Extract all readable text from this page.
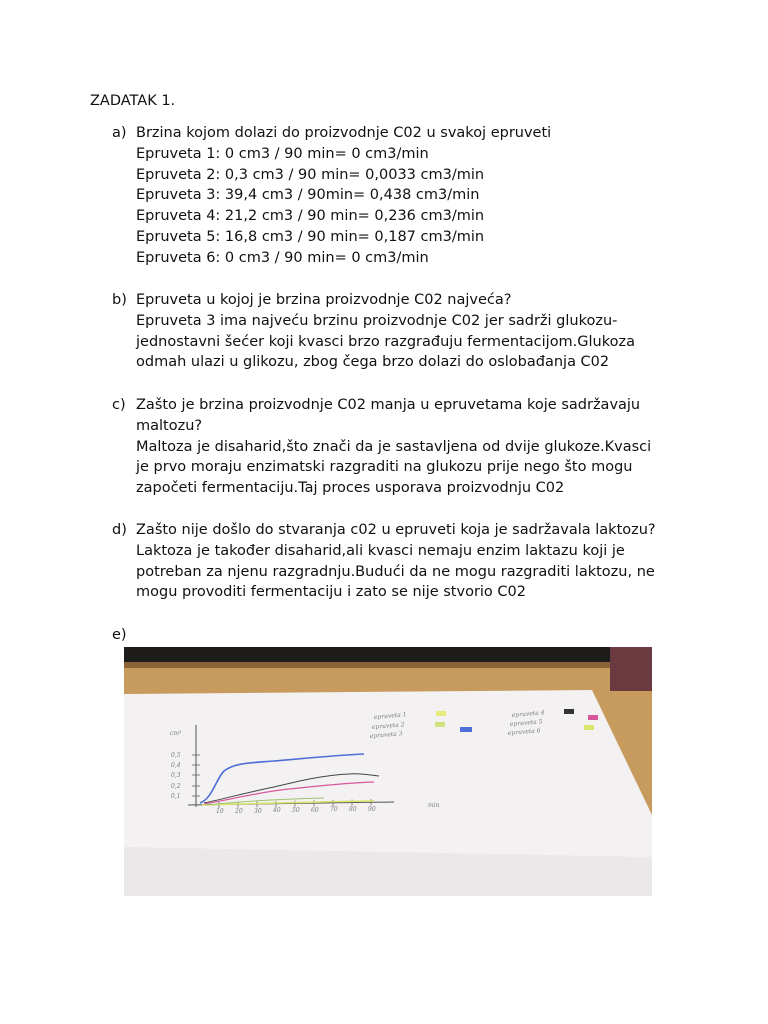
ZADATAK 1.
a) Brzina kojom dolazi do proizvodnje C02 u svakoj epruveti
Epruveta 1: 0 cm3 / 90 min= 0 cm3/min
Epruveta 2: 0,3 cm3 / 90 min= 0,0033 cm3/min
Epruveta 3: 39,4 cm3 / 90min= 0,438 cm3/min
Epruveta 4: 21,2 cm3 / 90 min= 0,236 cm3/min
Epruveta 5: 16,8 cm3 / 90 min= 0,187 cm3/min
Epruveta 6: 0 cm3 / 90 min= 0 cm3/min
b) Epruveta u kojoj je brzina proizvodnje C02 najveća?
Epruveta 3 ima najveću brzinu proizvodnje C02 jer sadrži glukozu-
jednostavni šećer koji kvasci brzo razgrađuju fermentacijom.Glukoza
odmah ulazi u glikozu, zbog čega brzo dolazi do oslobađanja C02
c) Zašto je brzina proizvodnje C02 manja u epruvetama koje sadržavaju
maltozu?
Maltoza je disaharid,što znači da je sastavljena od dvije glukoze.Kvasci
je prvo moraju enzimatski razgraditi na glukozu prije nego što mogu
započeti fermentaciju.Taj proces usporava proizvodnju C02
d) Zašto nije došlo do stvaranja c02 u epruveti koja je sadržavala laktozu?
Laktoza je također disaharid,ali kvasci nemaju enzim laktazu koji je
potreban za njenu razgradnju.Budući da ne mogu razgraditi laktozu, ne
mogu provoditi fermentaciju i zato se nije stvorio C02
e)
cm³
0,5
0,4
0,3
0,2
0,1
10 20 30 40 50 60 70 80 90
min
epruveta 1
epruveta 2
epruveta 3
epruveta 4
epruveta 5
epruveta 6
